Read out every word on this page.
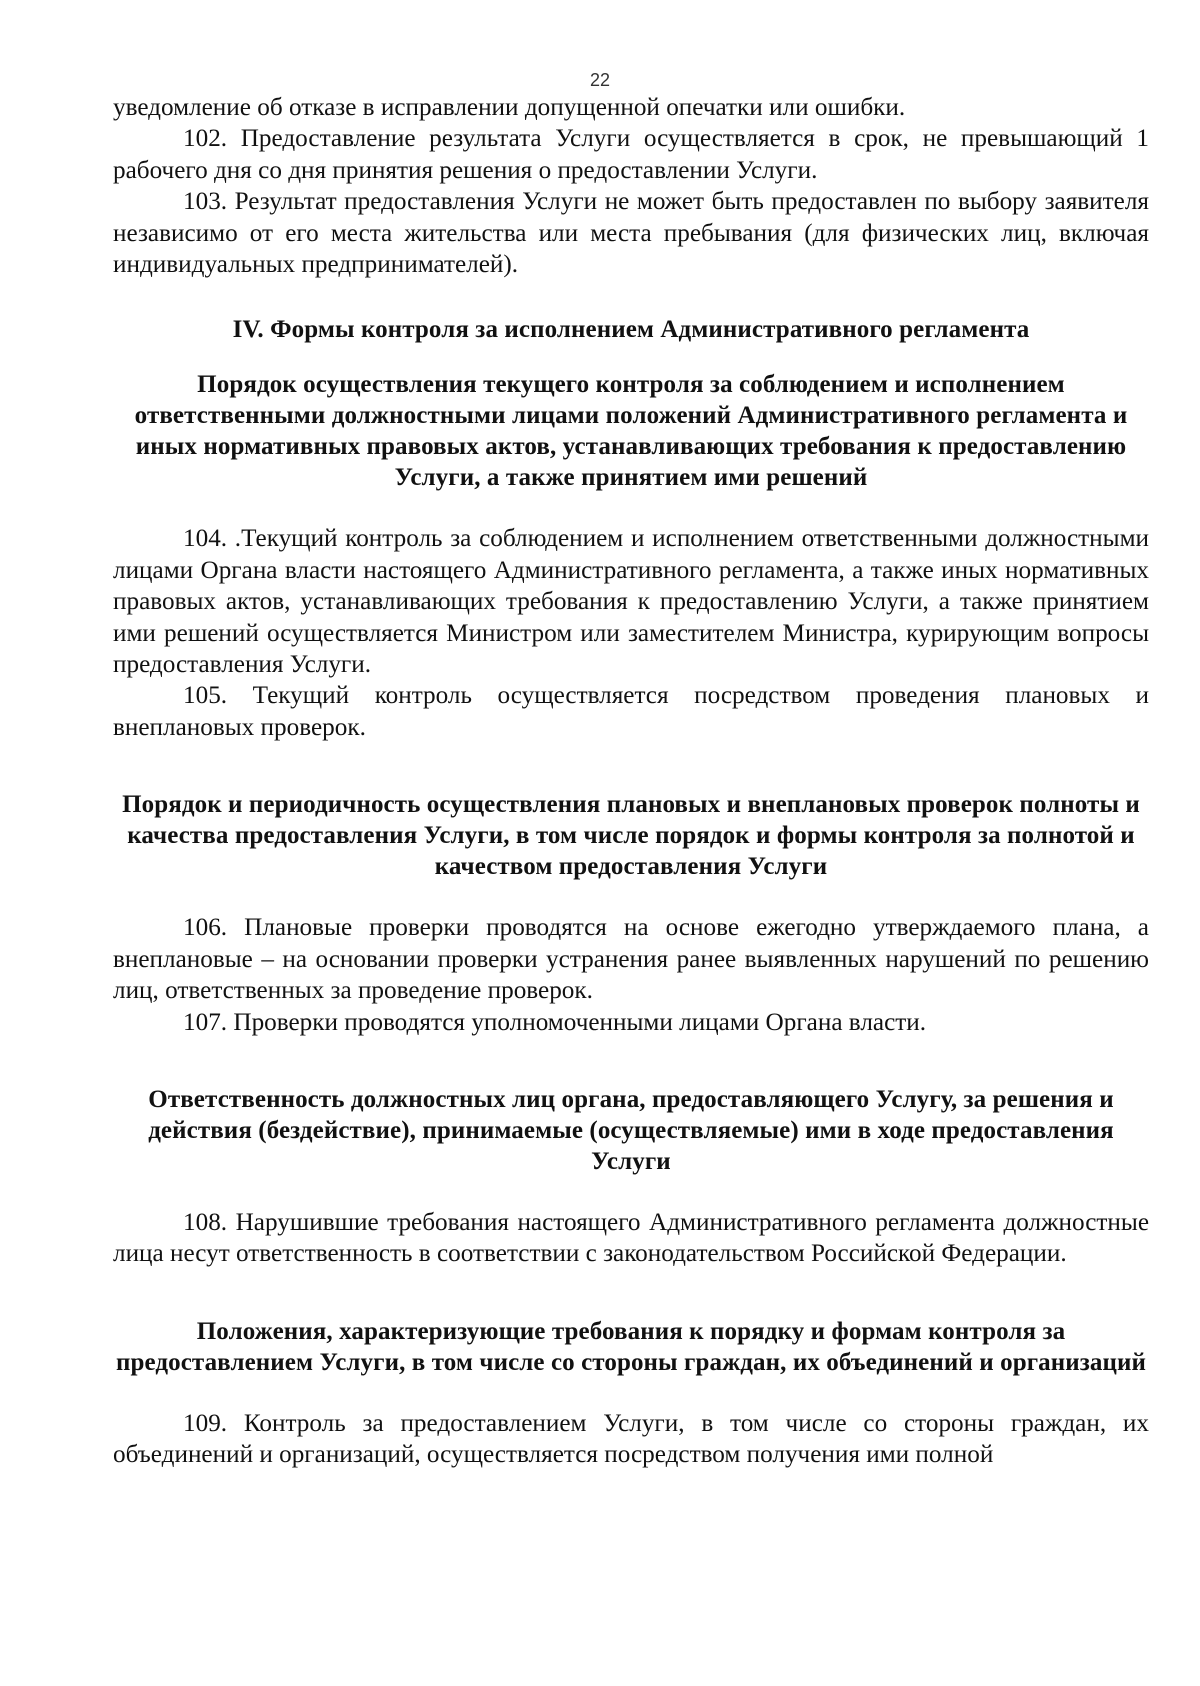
22

уведомление об отказе в исправлении допущенной опечатки или ошибки.

102. Предоставление результата Услуги осуществляется в срок, не превышающий 1 рабочего дня со дня принятия решения о предоставлении Услуги.

103. Результат предоставления Услуги не может быть предоставлен по выбору заявителя независимо от его места жительства или места пребывания (для физических лиц, включая индивидуальных предпринимателей).

IV. Формы контроля за исполнением Административного регламента
Порядок осуществления текущего контроля за соблюдением и исполнением ответственными должностными лицами положений Административного регламента и иных нормативных правовых актов, устанавливающих требования к предоставлению Услуги, а также принятием ими решений

104. .Текущий контроль за соблюдением и исполнением ответственными должностными лицами Органа власти настоящего Административного регламента, а также иных нормативных правовых актов, устанавливающих требования к предоставлению Услуги, а также принятием ими решений осуществляется Министром или заместителем Министра, курирующим вопросы предоставления Услуги.

105. Текущий контроль осуществляется посредством проведения плановых и внеплановых проверок.

Порядок и периодичность осуществления плановых и внеплановых проверок полноты и качества предоставления Услуги, в том числе порядок и формы контроля за полнотой и качеством предоставления Услуги

106. Плановые проверки проводятся на основе ежегодно утверждаемого плана, а внеплановые – на основании проверки устранения ранее выявленных нарушений по решению лиц, ответственных за проведение проверок.

107. Проверки проводятся уполномоченными лицами Органа власти.

Ответственность должностных лиц органа, предоставляющего Услугу, за решения и действия (бездействие), принимаемые (осуществляемые) ими в ходе предоставления Услуги

108. Нарушившие требования настоящего Административного регламента должностные лица несут ответственность в соответствии с законодательством Российской Федерации.

Положения, характеризующие требования к порядку и формам контроля за предоставлением Услуги, в том числе со стороны граждан, их объединений и организаций

109. Контроль за предоставлением Услуги, в том числе со стороны граждан, их объединений и организаций, осуществляется посредством получения ими полной
